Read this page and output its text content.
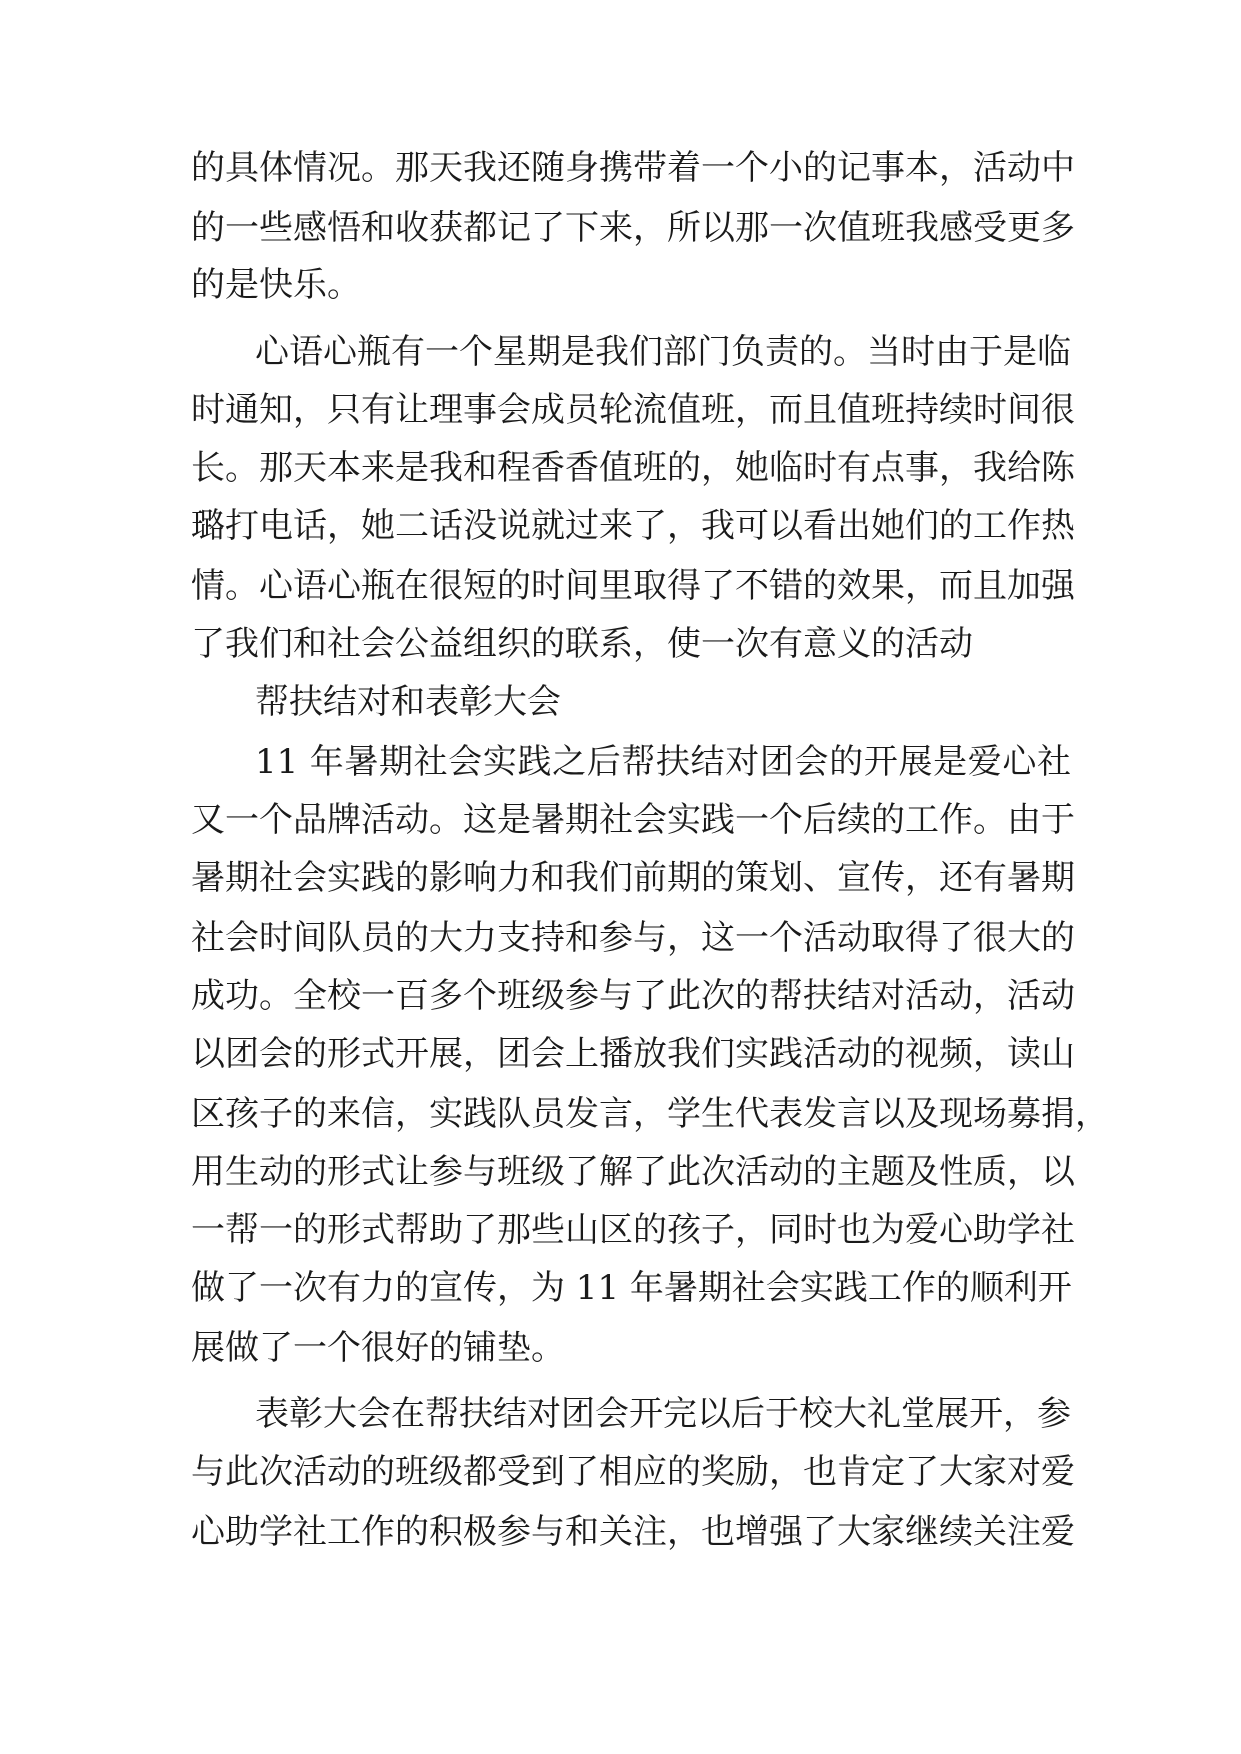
的具体情况。那天我还随身携带着一个小的记事本，活动中
的一些感悟和收获都记了下来，所以那一次值班我感受更多
的是快乐。
心语心瓶有一个星期是我们部门负责的。当时由于是临
时通知，只有让理事会成员轮流值班，而且值班持续时间很
长。那天本来是我和程香香值班的，她临时有点事，我给陈
璐打电话，她二话没说就过来了，我可以看出她们的工作热
情。心语心瓶在很短的时间里取得了不错的效果，而且加强
了我们和社会公益组织的联系，使一次有意义的活动
帮扶结对和表彰大会
11 年暑期社会实践之后帮扶结对团会的开展是爱心社
又一个品牌活动。这是暑期社会实践一个后续的工作。由于
暑期社会实践的影响力和我们前期的策划、宣传，还有暑期
社会时间队员的大力支持和参与，这一个活动取得了很大的
成功。全校一百多个班级参与了此次的帮扶结对活动，活动
以团会的形式开展，团会上播放我们实践活动的视频，读山
区孩子的来信，实践队员发言，学生代表发言以及现场募捐，
用生动的形式让参与班级了解了此次活动的主题及性质，以
一帮一的形式帮助了那些山区的孩子，同时也为爱心助学社
做了一次有力的宣传，为 11 年暑期社会实践工作的顺利开
展做了一个很好的铺垫。
表彰大会在帮扶结对团会开完以后于校大礼堂展开，参
与此次活动的班级都受到了相应的奖励，也肯定了大家对爱
心助学社工作的积极参与和关注，也增强了大家继续关注爱
